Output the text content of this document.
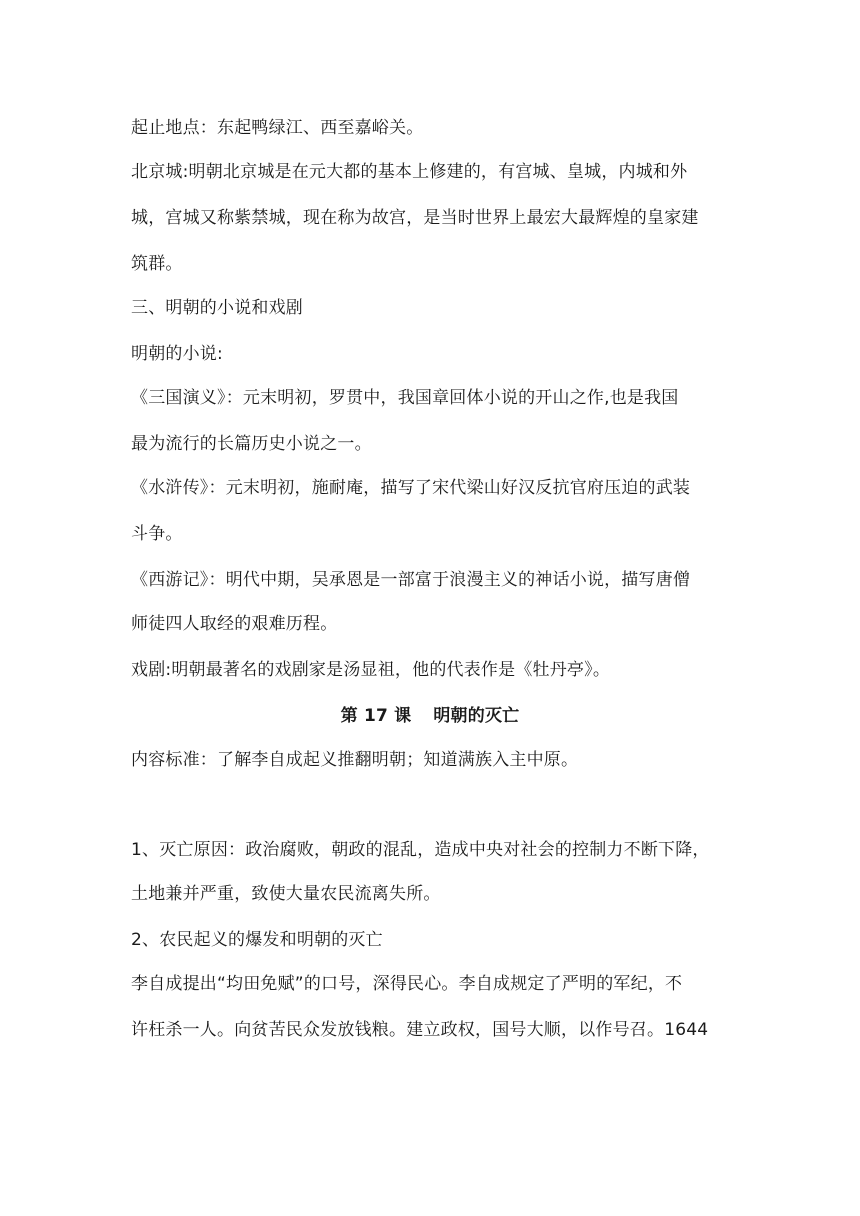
起止地点：东起鸭绿江、西至嘉峪关。
北京城:明朝北京城是在元大都的基本上修建的，有宫城、皇城，内城和外
城，宫城又称紫禁城，现在称为故宫，是当时世界上最宏大最辉煌的皇家建
筑群。
三、明朝的小说和戏剧
明朝的小说:
《三国演义》：元末明初，罗贯中，我国章回体小说的开山之作,也是我国
最为流行的长篇历史小说之一。
《水浒传》：元末明初，施耐庵，描写了宋代梁山好汉反抗官府压迫的武装
斗争。
《西游记》：明代中期，吴承恩是一部富于浪漫主义的神话小说，描写唐僧
师徒四人取经的艰难历程。
戏剧:明朝最著名的戏剧家是汤显祖，他的代表作是《牡丹亭》。
第 17 课 明朝的灭亡
内容标准：了解李自成起义推翻明朝；知道满族入主中原。
1、灭亡原因：政治腐败，朝政的混乱，造成中央对社会的控制力不断下降，
土地兼并严重，致使大量农民流离失所。
2、农民起义的爆发和明朝的灭亡
李自成提出“均田免赋”的口号，深得民心。李自成规定了严明的军纪，不
许枉杀一人。向贫苦民众发放钱粮。建立政权，国号大顺，以作号召。1644
